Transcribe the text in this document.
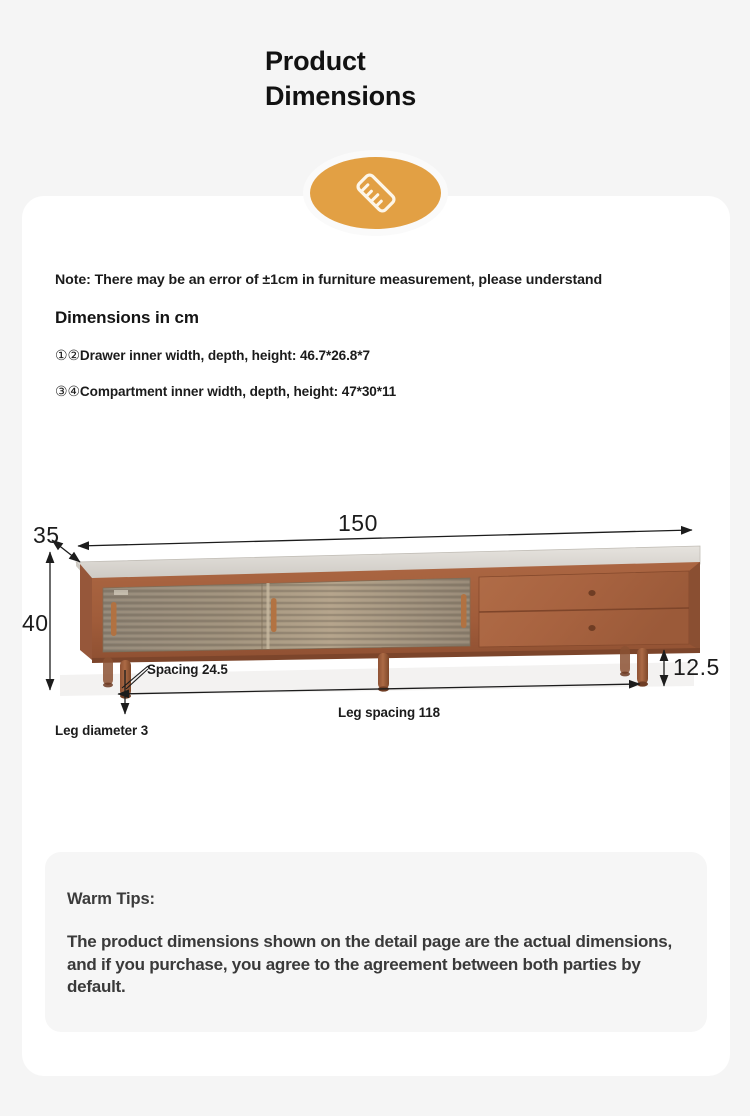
Product
Dimensions
Note: There may be an error of ±1cm in furniture measurement, please understand
Dimensions in cm
①②Drawer inner width, depth, height: 46.7*26.8*7
③④Compartment inner width, depth, height: 47*30*11
35	150
40
12.5
Spacing 24.5
Leg spacing 118
Leg diameter 3
Warm Tips:
The product dimensions shown on the detail page are the actual dimensions, and if you purchase, you agree to the agreement between both parties by default.
